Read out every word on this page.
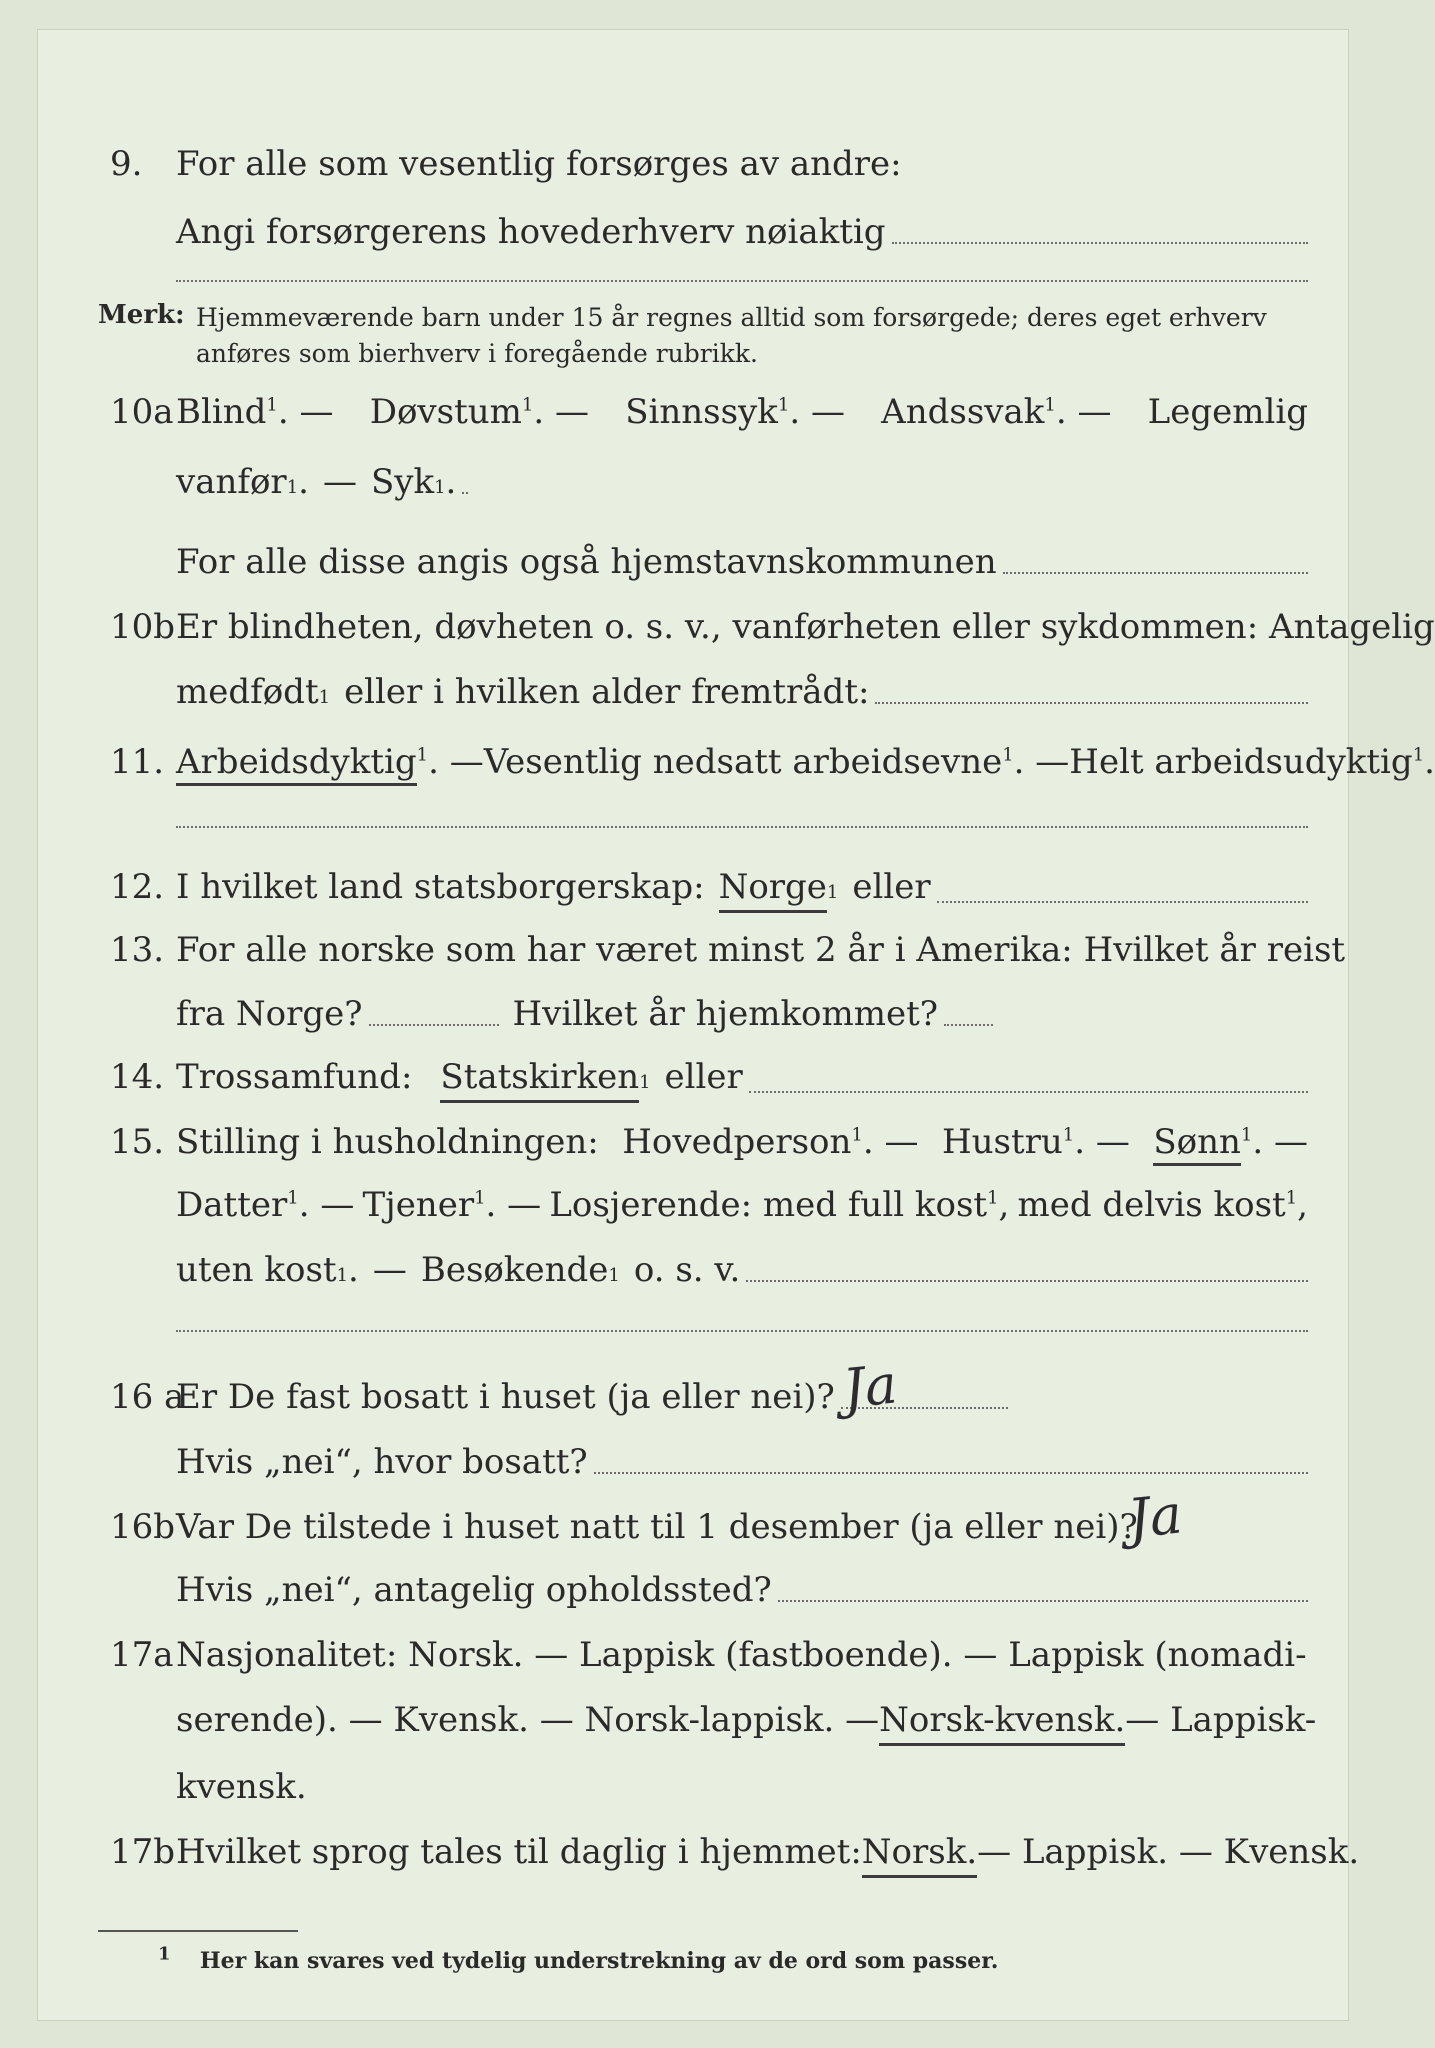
9. For alle som vesentlig forsørges av andre:
Angi forsørgerens hovederhverv nøiaktig
Merk: Hjemmeværende barn under 15 år regnes alltid som forsørgede; deres eget erhverv
anføres som bierhverv i foregående rubrikk.
10a Blind$^1$. — Døvstum$^1$. — Sinnssyk$^1$. — Andssvak$^1$. — Legemlig
vanfør 1 . — Syk 1 .
For alle disse angis også hjemstavnskommunen
10b Er blindheten, døvheten o. s. v., vanførheten eller sykdommen: Antagelig
medfødt 1 eller i hvilken alder fremtrådt:
11. Arbeidsdyktig$^1$. — Vesentlig nedsatt arbeidsevne$^1$. — Helt arbeidsudyktig$^1$.
12. I hvilket land statsborgerskap: Norge 1 eller
13. For alle norske som har været minst 2 år i Amerika: Hvilket år reist
fra Norge?	Hvilket år hjemkommet?
14. Trossamfund: Statskirken 1 eller
15. Stilling i husholdningen: Hovedperson$^1$. — Hustru$^1$. — Sønn$^1$. —
Datter$^1$. — Tjener$^1$. — Losjerende: med full kost$^1$, med delvis kost$^1$,
uten kost 1 . — Besøkende 1 o. s. v.
16 a
Er De fast bosatt i huset (ja eller nei)? Ja
Hvis „nei“, hvor bosatt?
16b Var De tilstede i huset natt til 1 desember (ja eller nei)?
Ja
Hvis „nei“, antagelig opholdssted?
17a Nasjonalitet: Norsk. — Lappisk (fastboende). — Lappisk (nomadi-
serende). — Kvensk. — Norsk-lappisk. — Norsk-kvensk. — Lappisk-
kvensk.
17b Hvilket sprog tales til daglig i hjemmet: Norsk. — Lappisk. — Kvensk.
$^1$ Her kan svares ved tydelig understrekning av de ord som passer.
